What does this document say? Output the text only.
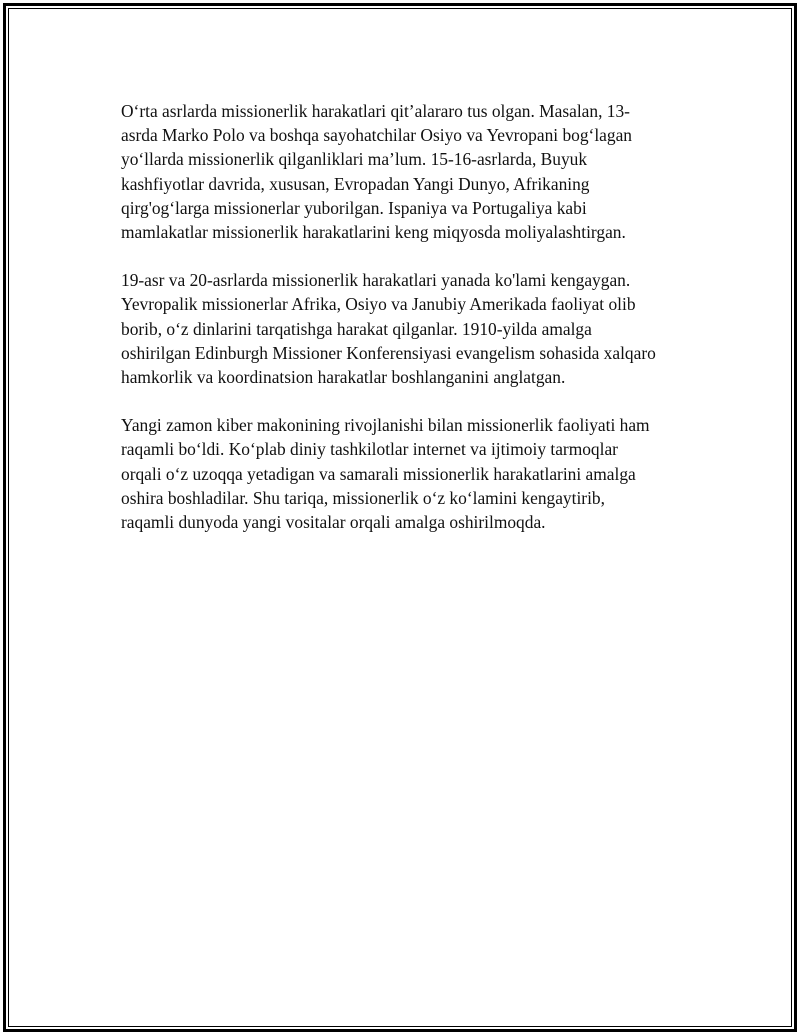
O‘rta asrlarda missionerlik harakatlari qit’alararo tus olgan. Masalan, 13-
asrda Marko Polo va boshqa sayohatchilar Osiyo va Yevropani bog‘lagan
yo‘llarda missionerlik qilganliklari ma’lum. 15-16-asrlarda, Buyuk
kashfiyotlar davrida, xususan, Evropadan Yangi Dunyo, Afrikaning
qirg'og‘larga missionerlar yuborilgan. Ispaniya va Portugaliya kabi
mamlakatlar missionerlik harakatlarini keng miqyosda moliyalashtirgan.

19-asr va 20-asrlarda missionerlik harakatlari yanada ko'lami kengaygan.
Yevropalik missionerlar Afrika, Osiyo va Janubiy Amerikada faoliyat olib
borib, o‘z dinlarini tarqatishga harakat qilganlar. 1910-yilda amalga
oshirilgan Edinburgh Missioner Konferensiyasi evangelism sohasida xalqaro
hamkorlik va koordinatsion harakatlar boshlanganini anglatgan.

Yangi zamon kiber makonining rivojlanishi bilan missionerlik faoliyati ham
raqamli bo‘ldi. Ko‘plab diniy tashkilotlar internet va ijtimoiy tarmoqlar
orqali o‘z uzoqqa yetadigan va samarali missionerlik harakatlarini amalga
oshira boshladilar. Shu tariqa, missionerlik o‘z ko‘lamini kengaytirib,
raqamli dunyoda yangi vositalar orqali amalga oshirilmoqda.
